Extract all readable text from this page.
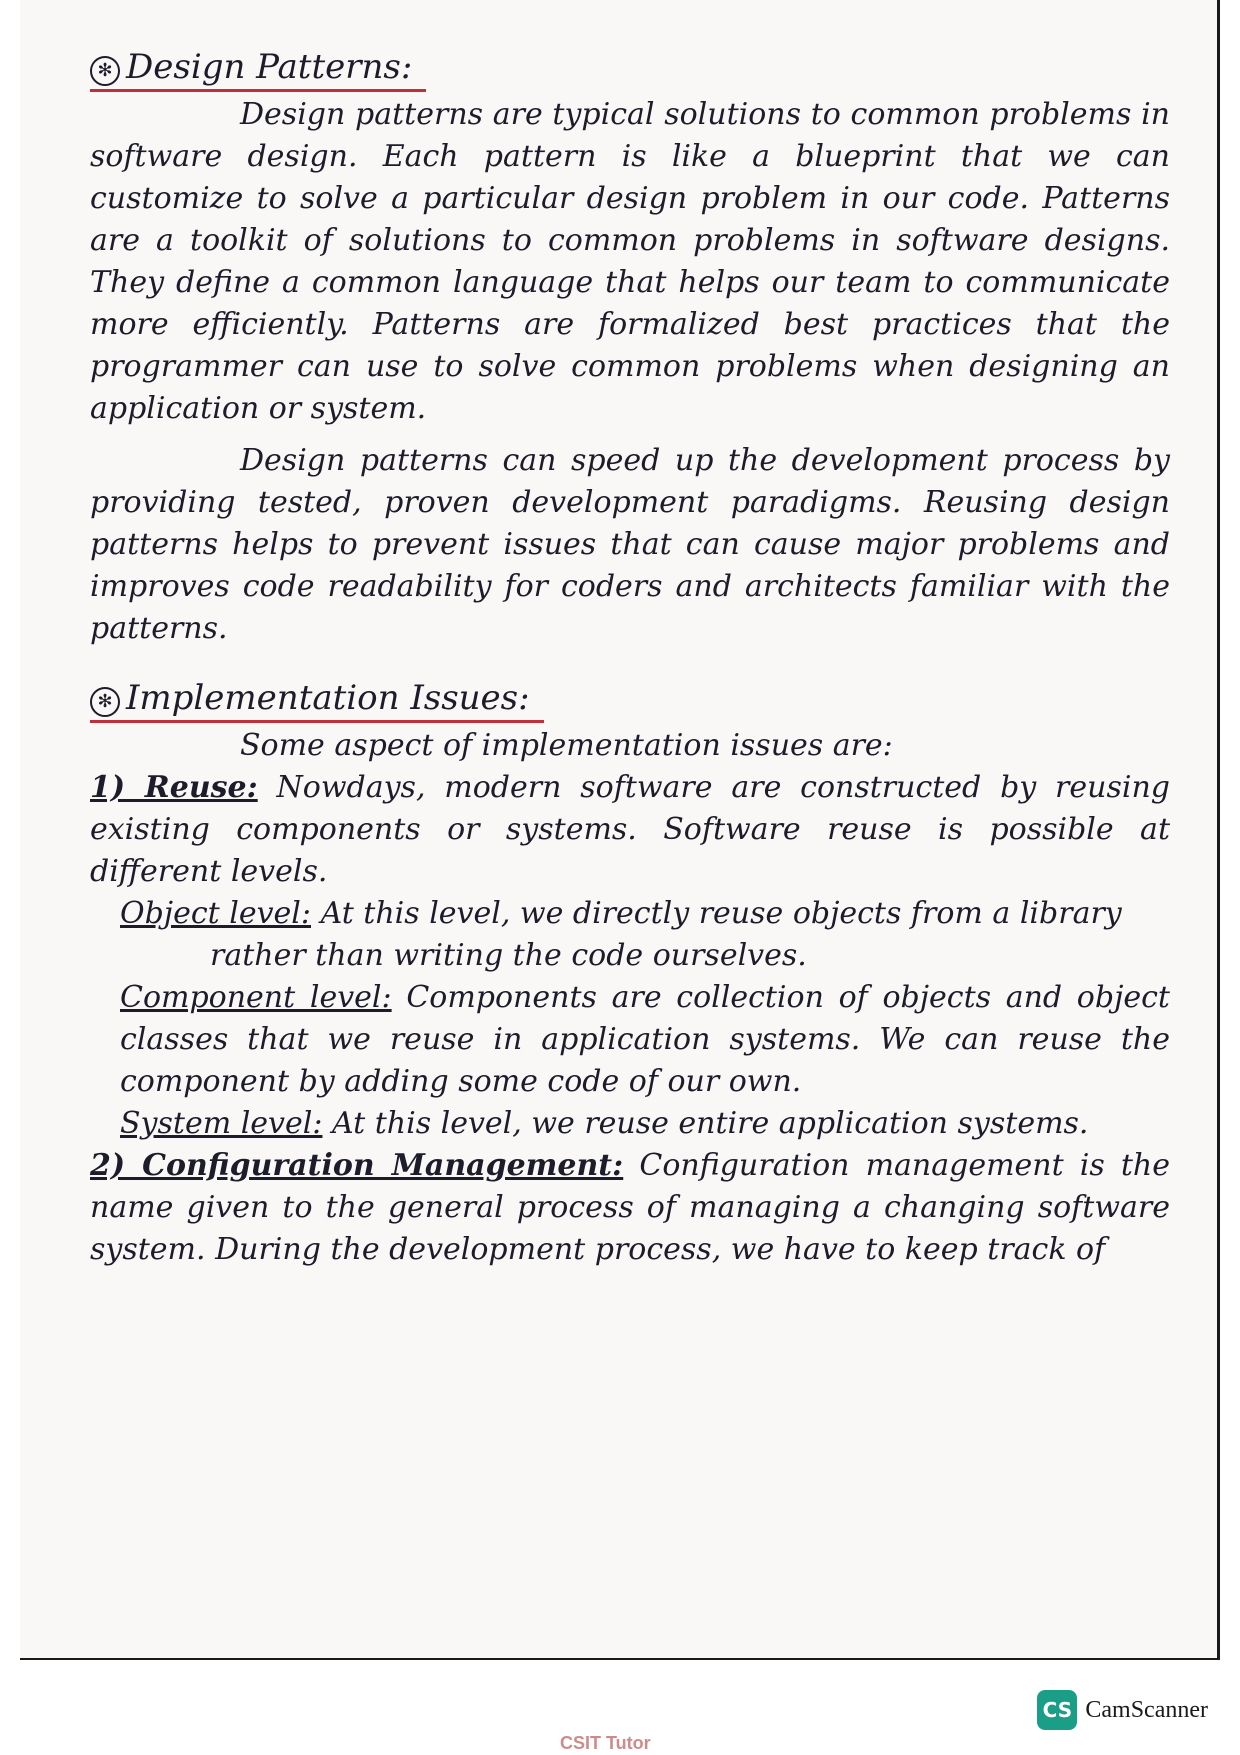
✻ Design Patterns:

Design patterns are typical solutions to common problems in software design. Each pattern is like a blueprint that we can customize to solve a particular design problem in our code. Patterns are a toolkit of solutions to common problems in software designs. They define a common language that helps our team to communicate more efficiently. Patterns are formalized best practices that the programmer can use to solve common problems when designing an application or system.

Design patterns can speed up the development process by providing tested, proven development paradigms. Reusing design patterns helps to prevent issues that can cause major problems and improves code readability for coders and architects familiar with the patterns.

✻ Implementation Issues:

Some aspect of implementation issues are:

1) Reuse: Nowdays, modern software are constructed by reusing existing components or systems. Software reuse is possible at different levels.

Object level: At this level, we directly reuse objects from a library

rather than writing the code ourselves.

Component level: Components are collection of objects and object classes that we reuse in application systems. We can reuse the component by adding some code of our own.

System level: At this level, we reuse entire application systems.

2) Configuration Management: Configuration management is the name given to the general process of managing a changing software system. During the development process, we have to keep track of

CS CamScanner
CSIT Tutor
